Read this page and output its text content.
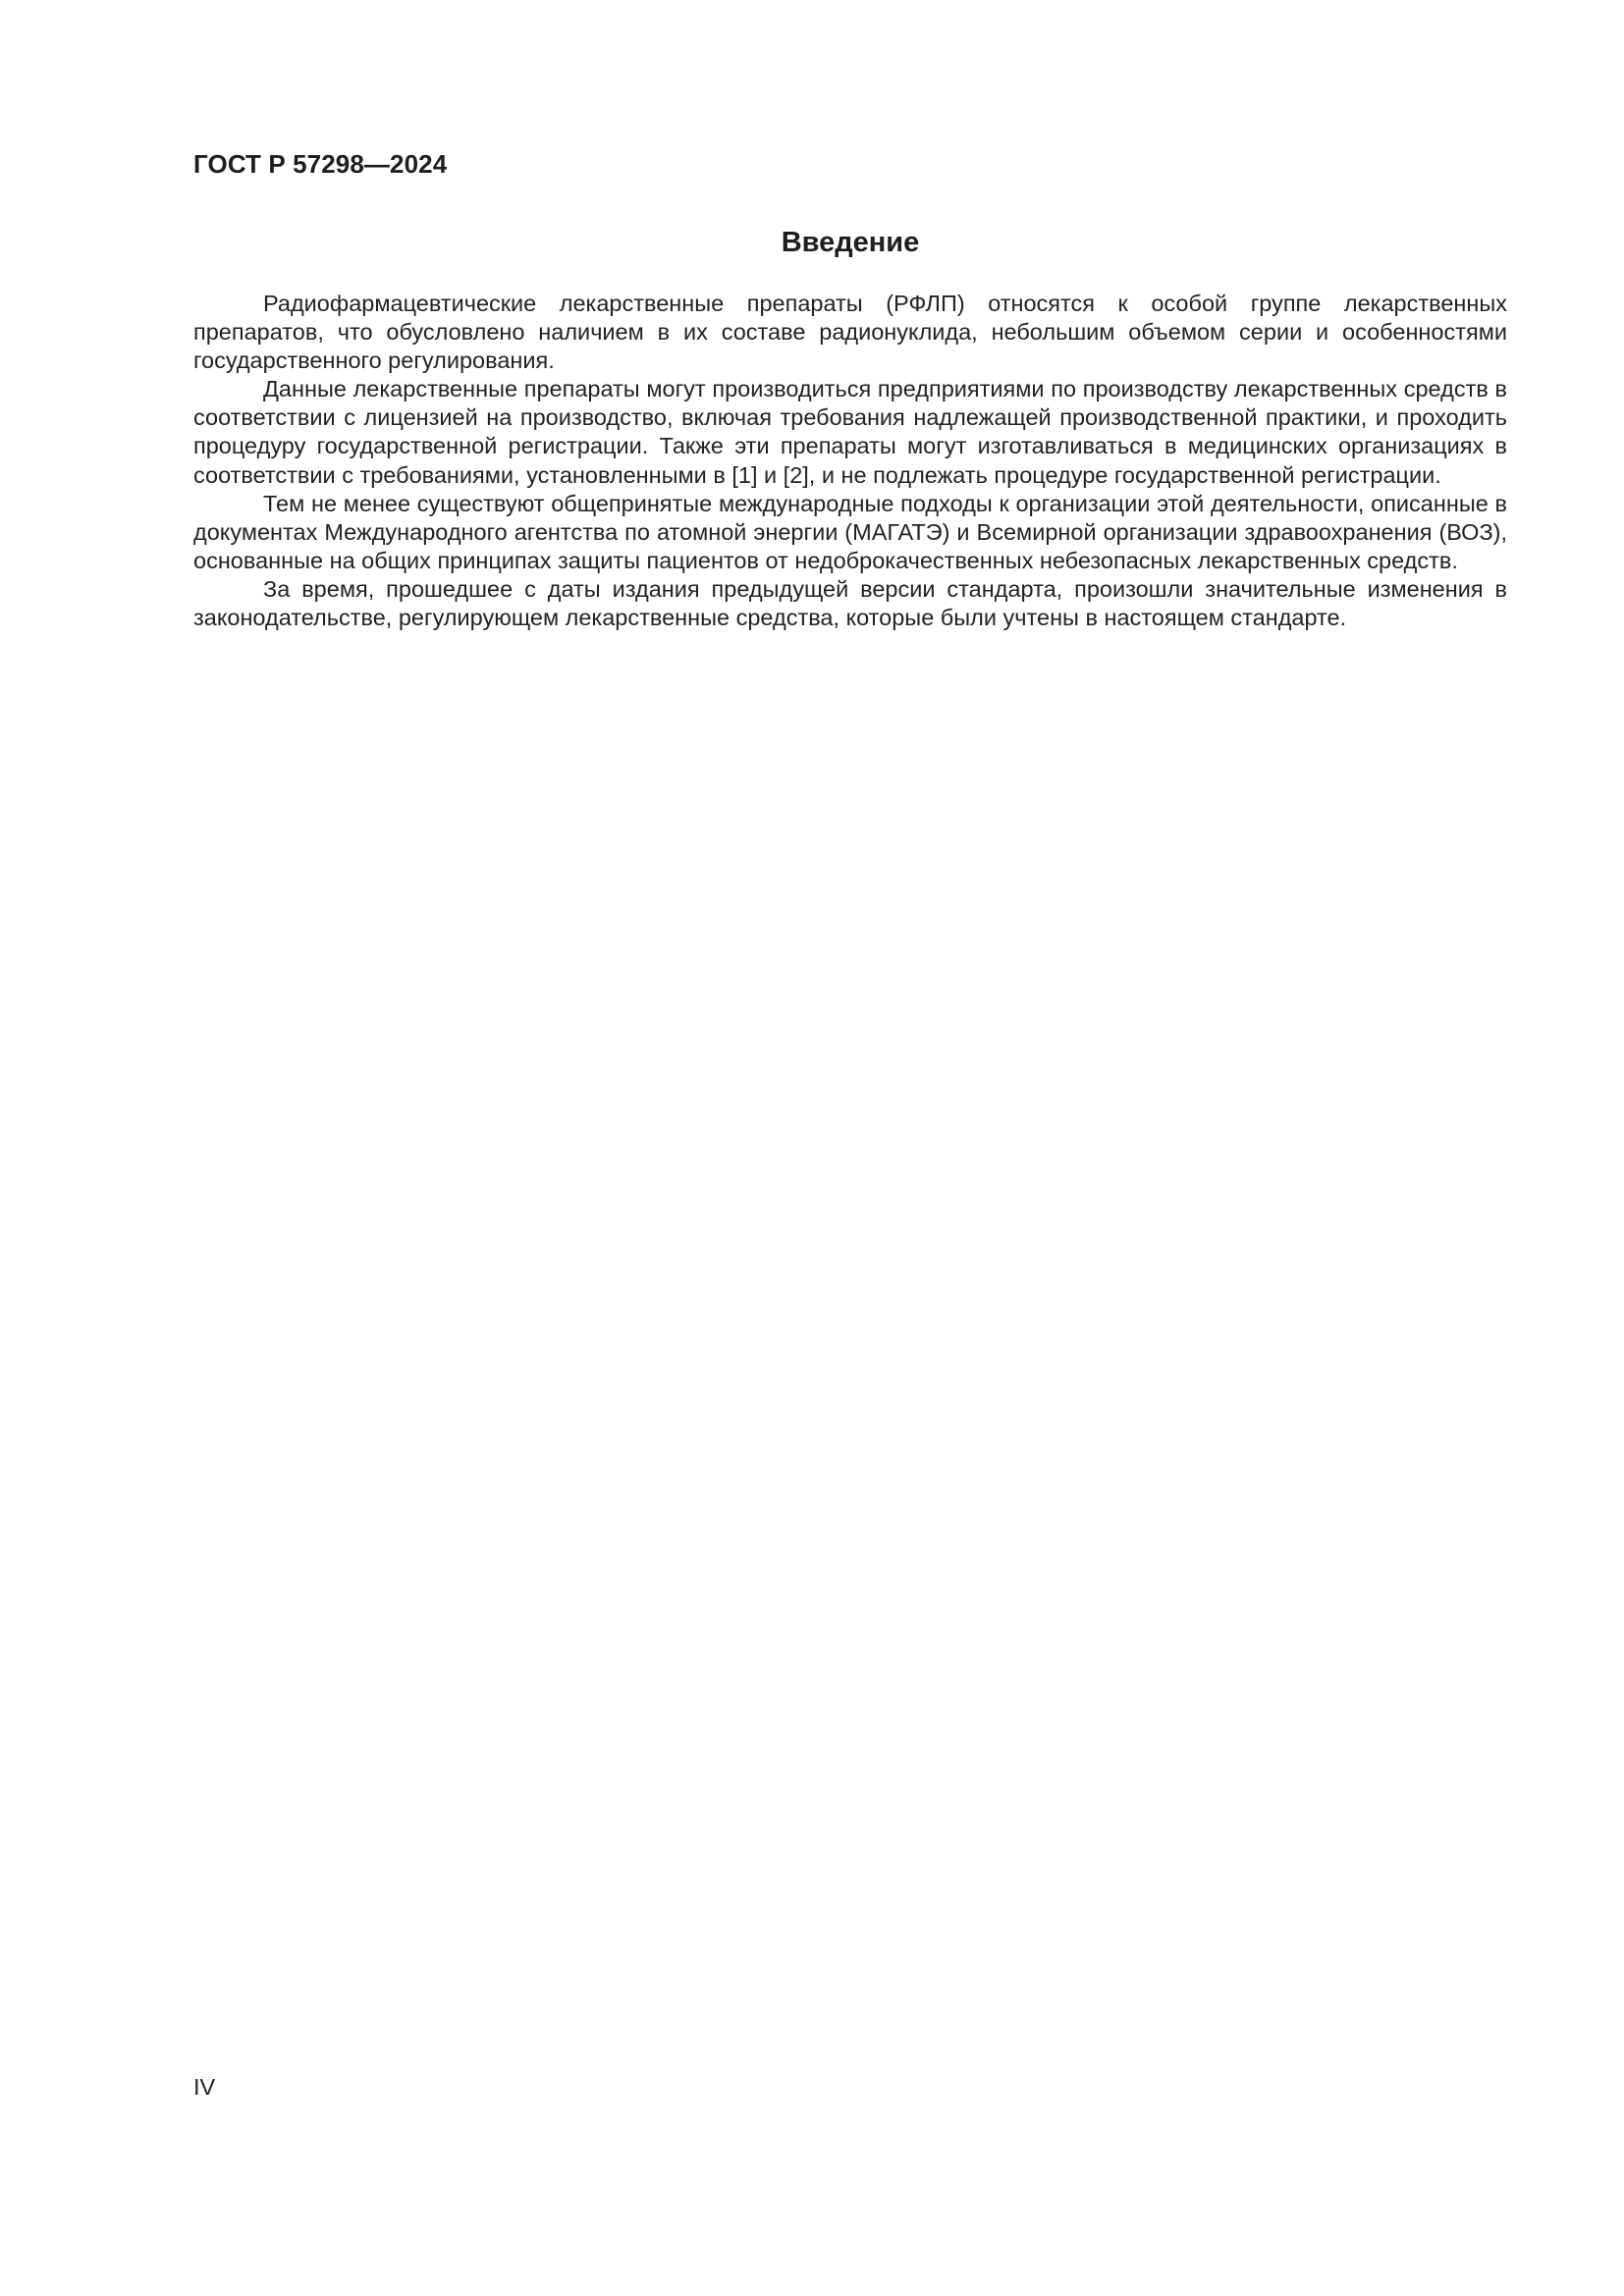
ГОСТ Р 57298—2024
Введение

Радиофармацевтические лекарственные препараты (РФЛП) относятся к особой группе лекарственных препаратов, что обусловлено наличием в их составе радионуклида, небольшим объемом серии и особенностями государственного регулирования.

Данные лекарственные препараты могут производиться предприятиями по производству лекарственных средств в соответствии с лицензией на производство, включая требования надлежащей производственной практики, и проходить процедуру государственной регистрации. Также эти препараты могут изготавливаться в медицинских организациях в соответствии с требованиями, установленными в [1] и [2], и не подлежать процедуре государственной регистрации.

Тем не менее существуют общепринятые международные подходы к организации этой деятельности, описанные в документах Международного агентства по атомной энергии (МАГАТЭ) и Всемирной организации здравоохранения (ВОЗ), основанные на общих принципах защиты пациентов от недоброкачественных небезопасных лекарственных средств.

За время, прошедшее с даты издания предыдущей версии стандарта, произошли значительные изменения в законодательстве, регулирующем лекарственные средства, которые были учтены в настоящем стандарте.

IV
